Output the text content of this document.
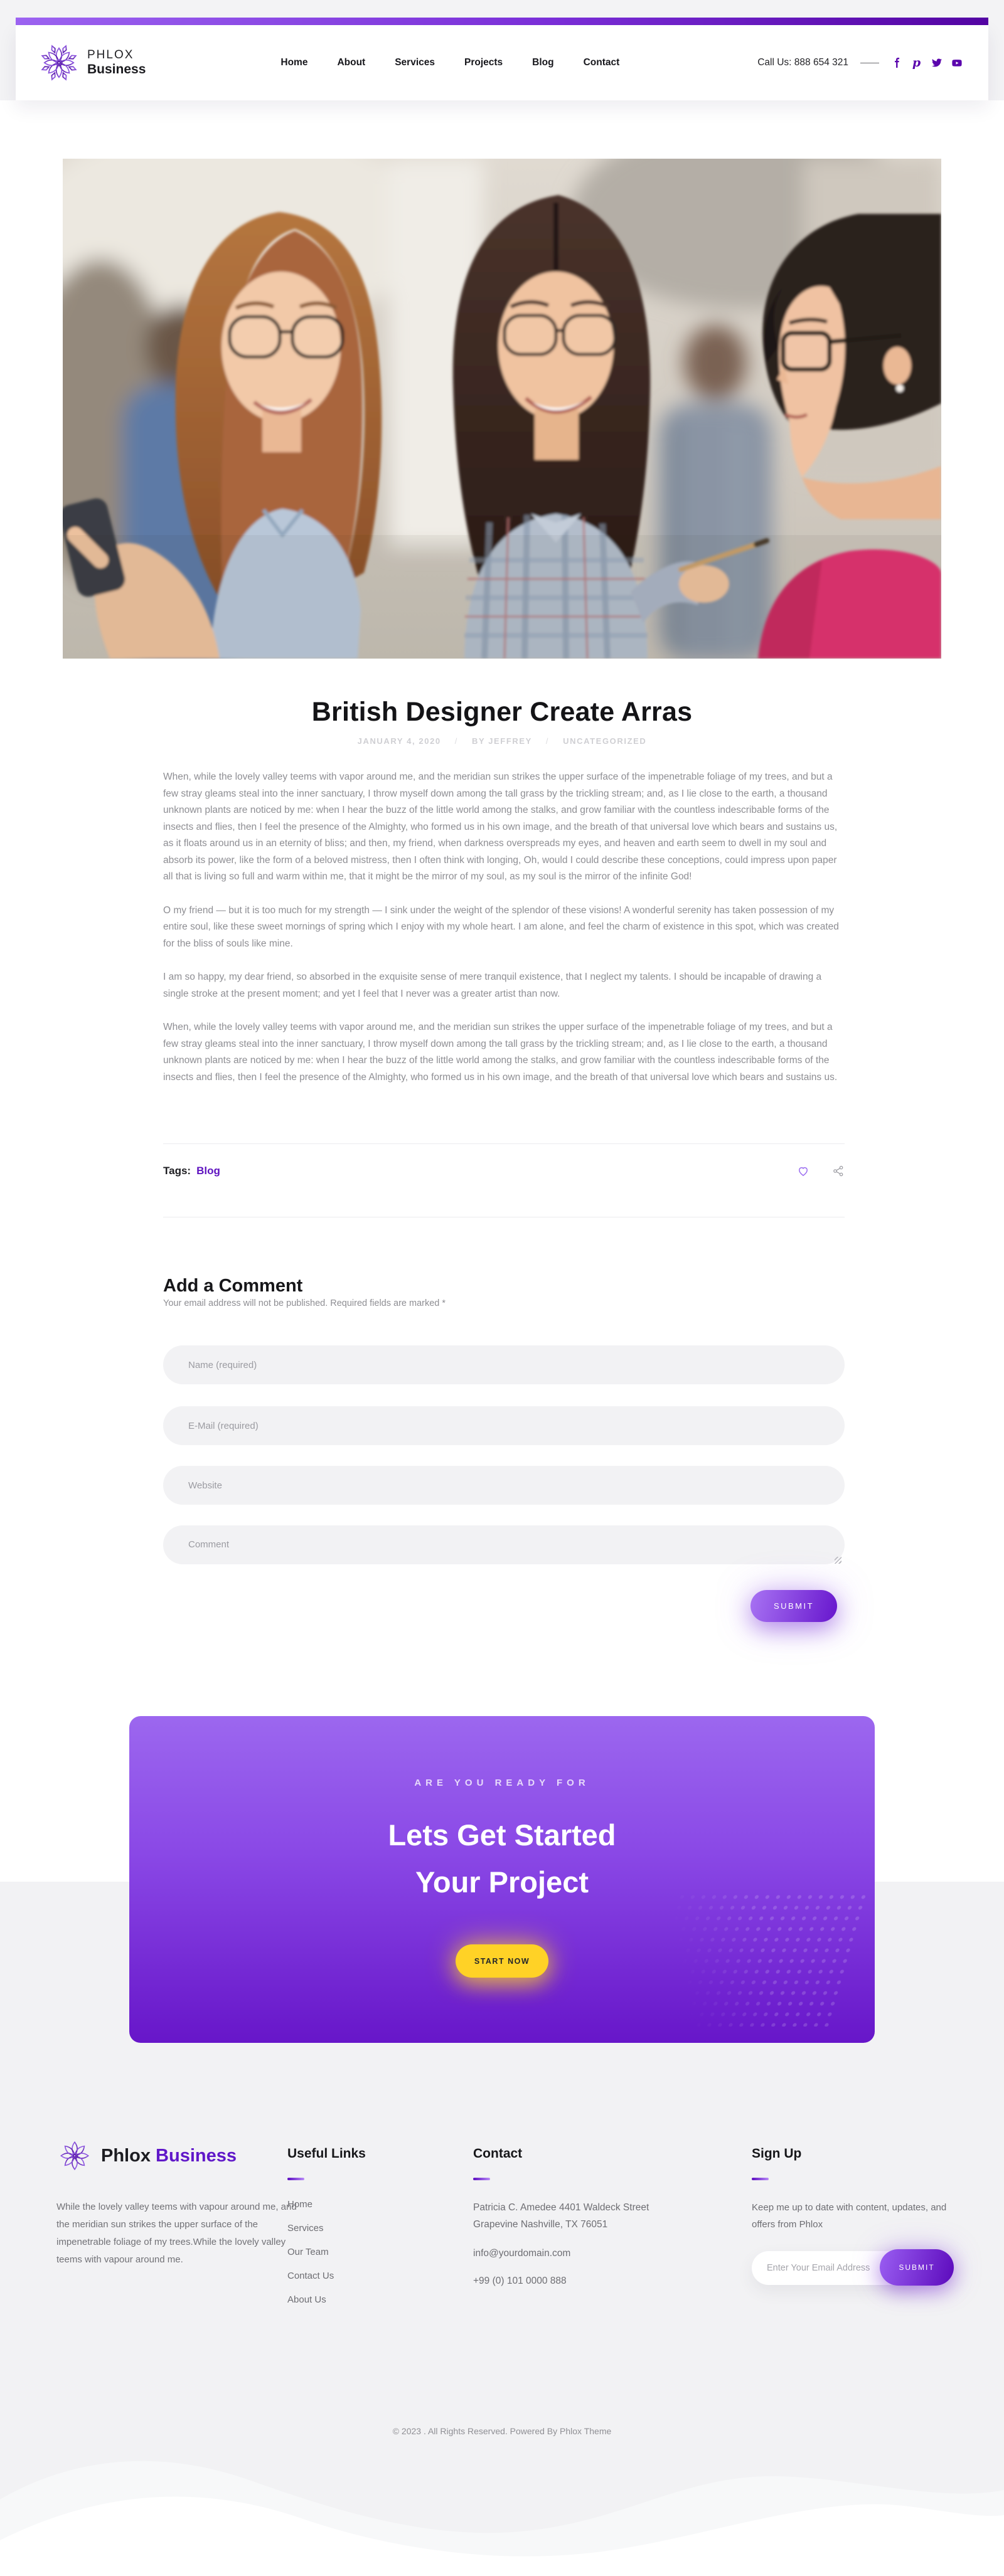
PHLOX
Business	Home	About	Services	Projects	Blog	Contact	Call Us: 888 654 321	p
British Designer Create Arras
JANUARY 4, 2020 / BY JEFFREY / UNCATEGORIZED

When, while the lovely valley teems with vapor around me, and the meridian sun strikes the upper surface of the impenetrable foliage of my trees, and but a few stray gleams steal into the inner sanctuary, I throw myself down among the tall grass by the trickling stream; and, as I lie close to the earth, a thousand unknown plants are noticed by me: when I hear the buzz of the little world among the stalks, and grow familiar with the countless indescribable forms of the insects and flies, then I feel the presence of the Almighty, who formed us in his own image, and the breath of that universal love which bears and sustains us, as it floats around us in an eternity of bliss; and then, my friend, when darkness overspreads my eyes, and heaven and earth seem to dwell in my soul and absorb its power, like the form of a beloved mistress, then I often think with longing, Oh, would I could describe these conceptions, could impress upon paper all that is living so full and warm within me, that it might be the mirror of my soul, as my soul is the mirror of the infinite God!

O my friend — but it is too much for my strength — I sink under the weight of the splendor of these visions! A wonderful serenity has taken possession of my entire soul, like these sweet mornings of spring which I enjoy with my whole heart. I am alone, and feel the charm of existence in this spot, which was created for the bliss of souls like mine.

I am so happy, my dear friend, so absorbed in the exquisite sense of mere tranquil existence, that I neglect my talents. I should be incapable of drawing a single stroke at the present moment; and yet I feel that I never was a greater artist than now.

When, while the lovely valley teems with vapor around me, and the meridian sun strikes the upper surface of the impenetrable foliage of my trees, and but a few stray gleams steal into the inner sanctuary, I throw myself down among the tall grass by the trickling stream; and, as I lie close to the earth, a thousand unknown plants are noticed by me: when I hear the buzz of the little world among the stalks, and grow familiar with the countless indescribable forms of the insects and flies, then I feel the presence of the Almighty, who formed us in his own image, and the breath of that universal love which bears and sustains us.

Tags: Blog
Add a Comment
Your email address will not be published. Required fields are marked *
Name (required)
E-Mail (required)
Website
Comment
SUBMIT
ARE YOU READY FOR
Lets Get Started
Your Project
START NOW
Phlox Business
While the lovely valley teems with vapour around me, and the meridian sun strikes the upper surface of the impenetrable foliage of my trees.While the lovely valley teems with vapour around me.
Useful Links
Home
Services
Our Team
Contact Us
About Us
Contact
Patricia C. Amedee 4401 Waldeck Street
Grapevine Nashville, TX 76051
info@yourdomain.com
+99 (0) 101 0000 888
Sign Up
Keep me up to date with content, updates, and offers from Phlox
Enter Your Email Address
SUBMIT
© 2023 . All Rights Reserved. Powered By Phlox Theme
